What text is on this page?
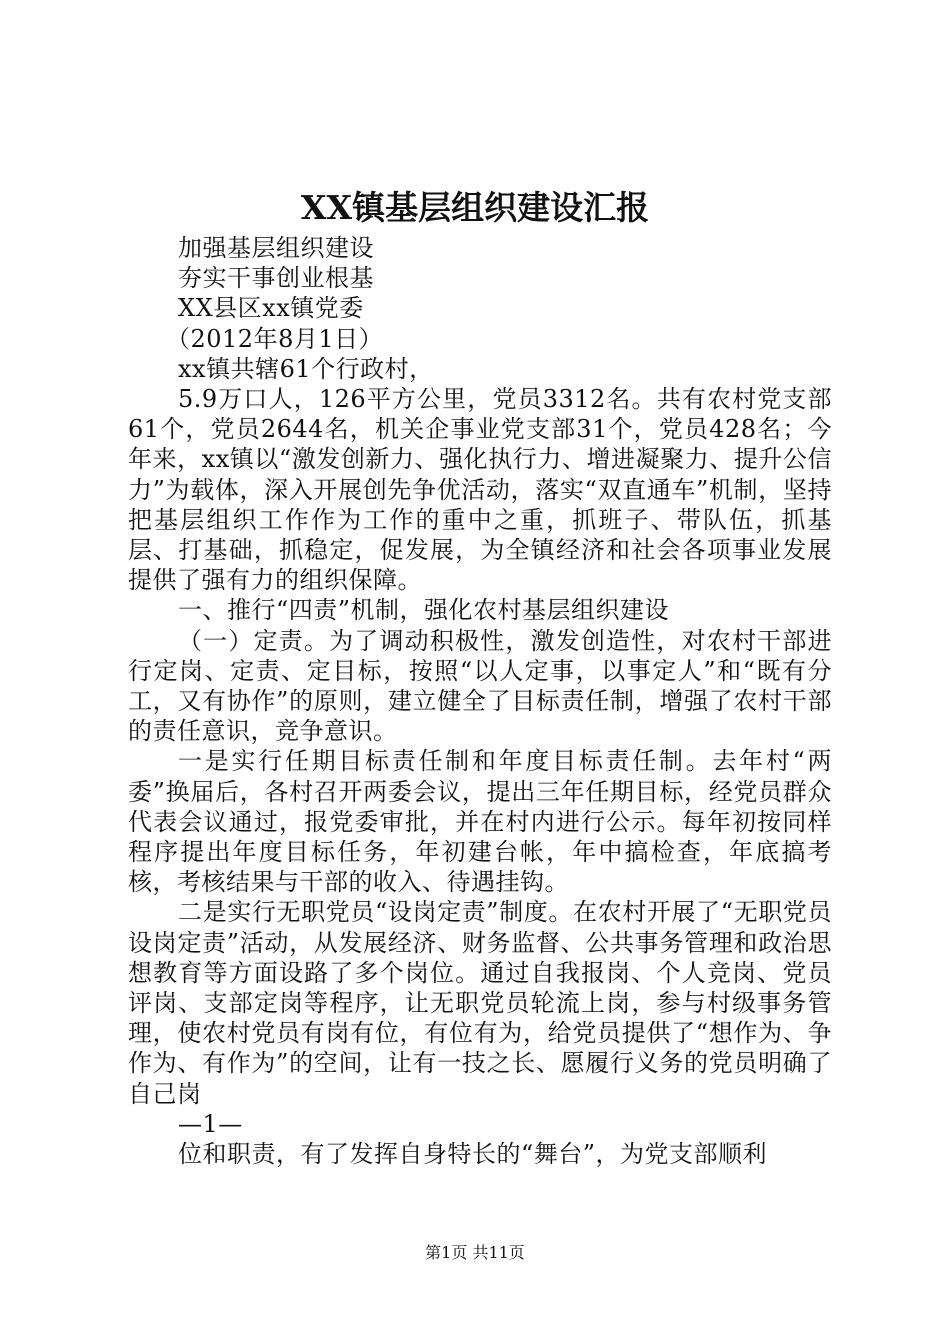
XX镇基层组织建设汇报

加强基层组织建设

夯实干事创业根基

XX县区xx镇党委

（2012年8月1日）

xx镇共辖61个行政村，

5.9万口人，126平方公里，党员3312名。共有农村党支部61个，党员2644名，机关企事业党支部31个，党员428名；今年来，xx镇以“激发创新力、强化执行力、增进凝聚力、提升公信力”为载体，深入开展创先争优活动，落实“双直通车”机制，坚持把基层组织工作作为工作的重中之重，抓班子、带队伍，抓基层、打基础，抓稳定，促发展，为全镇经济和社会各项事业发展提供了强有力的组织保障。

一、推行“四责”机制，强化农村基层组织建设

（一）定责。为了调动积极性，激发创造性，对农村干部进行定岗、定责、定目标，按照“以人定事，以事定人”和“既有分工，又有协作”的原则，建立健全了目标责任制，增强了农村干部的责任意识，竞争意识。

一是实行任期目标责任制和年度目标责任制。去年村“两委”换届后，各村召开两委会议，提出三年任期目标，经党员群众代表会议通过，报党委审批，并在村内进行公示。每年初按同样程序提出年度目标任务，年初建台帐，年中搞检查，年底搞考核，考核结果与干部的收入、待遇挂钩。

二是实行无职党员“设岗定责”制度。在农村开展了“无职党员设岗定责”活动，从发展经济、财务监督、公共事务管理和政治思想教育等方面设路了多个岗位。通过自我报岗、个人竞岗、党员评岗、支部定岗等程序，让无职党员轮流上岗，参与村级事务管理，使农村党员有岗有位，有位有为，给党员提供了“想作为、争作为、有作为”的空间，让有一技之长、愿履行义务的党员明确了自己岗

—1—

位和职责，有了发挥自身特长的“舞台”，为党支部顺利

第1页 共11页
